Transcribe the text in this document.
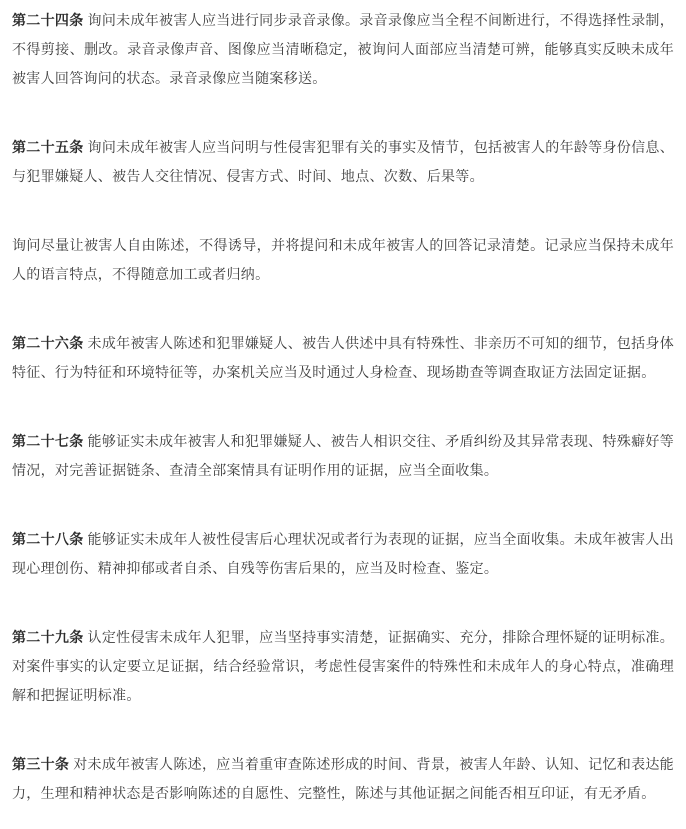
第二十四条 询问未成年被害人应当进行同步录音录像。录音录像应当全程不间断进行，不得选择性录制，不得剪接、删改。录音录像声音、图像应当清晰稳定，被询问人面部应当清楚可辨，能够真实反映未成年被害人回答询问的状态。录音录像应当随案移送。

第二十五条 询问未成年被害人应当问明与性侵害犯罪有关的事实及情节，包括被害人的年龄等身份信息、与犯罪嫌疑人、被告人交往情况、侵害方式、时间、地点、次数、后果等。

询问尽量让被害人自由陈述，不得诱导，并将提问和未成年被害人的回答记录清楚。记录应当保持未成年人的语言特点，不得随意加工或者归纳。

第二十六条 未成年被害人陈述和犯罪嫌疑人、被告人供述中具有特殊性、非亲历不可知的细节，包括身体特征、行为特征和环境特征等，办案机关应当及时通过人身检查、现场勘查等调查取证方法固定证据。

第二十七条 能够证实未成年被害人和犯罪嫌疑人、被告人相识交往、矛盾纠纷及其异常表现、特殊癖好等情况，对完善证据链条、查清全部案情具有证明作用的证据，应当全面收集。

第二十八条 能够证实未成年人被性侵害后心理状况或者行为表现的证据，应当全面收集。未成年被害人出现心理创伤、精神抑郁或者自杀、自残等伤害后果的，应当及时检查、鉴定。

第二十九条 认定性侵害未成年人犯罪，应当坚持事实清楚，证据确实、充分，排除合理怀疑的证明标准。对案件事实的认定要立足证据，结合经验常识，考虑性侵害案件的特殊性和未成年人的身心特点，准确理解和把握证明标准。

第三十条 对未成年被害人陈述，应当着重审查陈述形成的时间、背景，被害人年龄、认知、记忆和表达能力，生理和精神状态是否影响陈述的自愿性、完整性，陈述与其他证据之间能否相互印证，有无矛盾。
